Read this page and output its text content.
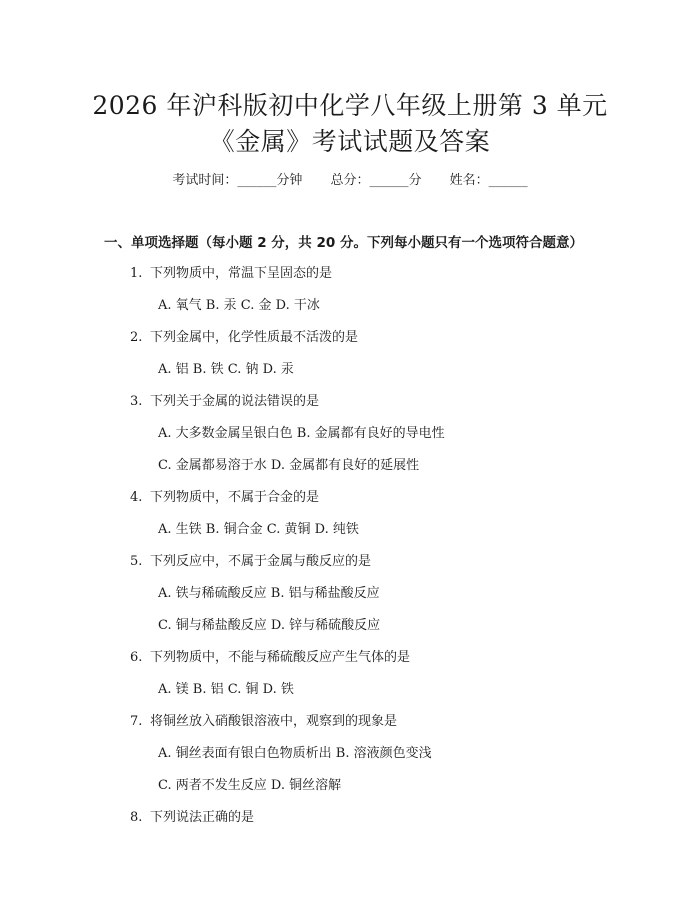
2026 年沪科版初中化学八年级上册第 3 单元
《金属》考试试题及答案
考试时间：______分钟 总分：______分 姓名：______
一、单项选择题（每小题 2 分，共 20 分。下列每小题只有一个选项符合题意）
1. 下列物质中，常温下呈固态的是
A. 氧气 B. 汞 C. 金 D. 干冰
2. 下列金属中，化学性质最不活泼的是
A. 铝 B. 铁 C. 钠 D. 汞
3. 下列关于金属的说法错误的是
A. 大多数金属呈银白色 B. 金属都有良好的导电性
C. 金属都易溶于水 D. 金属都有良好的延展性
4. 下列物质中，不属于合金的是
A. 生铁 B. 铜合金 C. 黄铜 D. 纯铁
5. 下列反应中，不属于金属与酸反应的是
A. 铁与稀硫酸反应 B. 铝与稀盐酸反应
C. 铜与稀盐酸反应 D. 锌与稀硫酸反应
6. 下列物质中，不能与稀硫酸反应产生气体的是
A. 镁 B. 铝 C. 铜 D. 铁
7. 将铜丝放入硝酸银溶液中，观察到的现象是
A. 铜丝表面有银白色物质析出 B. 溶液颜色变浅
C. 两者不发生反应 D. 铜丝溶解
8. 下列说法正确的是
